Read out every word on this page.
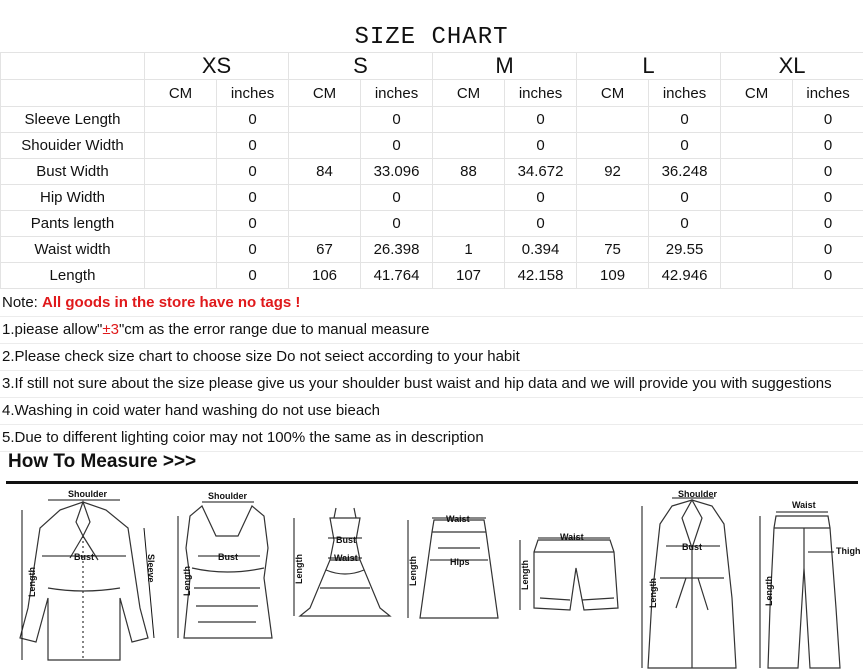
SIZE CHART
	XS		S		M		L		XL	
	CM	inches	CM	inches	CM	inches	CM	inches	CM	inches
Sleeve Length		0		0		0		0		0
Shouider Width		0		0		0		0		0
Bust Width		0	84	33.096	88	34.672	92	36.248		0
Hip Width		0		0		0		0		0
Pants length		0		0		0		0		0
Waist width		0	67	26.398	1	0.394	75	29.55		0
Length		0	106	41.764	107	42.158	109	42.946		0
Note: All goods in the store have no tags !
1.piease allow"±3"cm as the error range due to manual measure
2.Please check size chart to choose size Do not seiect according to your habit
3.If still not sure about the size please give us your shoulder bust waist and hip data and we will provide you with suggestions
4.Washing in coid water hand washing do not use bieach
5.Due to different lighting coior may not 100% the same as in description
How To Measure >>>
Shoulder
Bust
Length	Sleeve
Shoulder
Bust
Length
Bust
Waist
Length
Waist
Hips
Length
Waist
Length
Shoulder
Bust
Length
Waist
Thigh
Length
